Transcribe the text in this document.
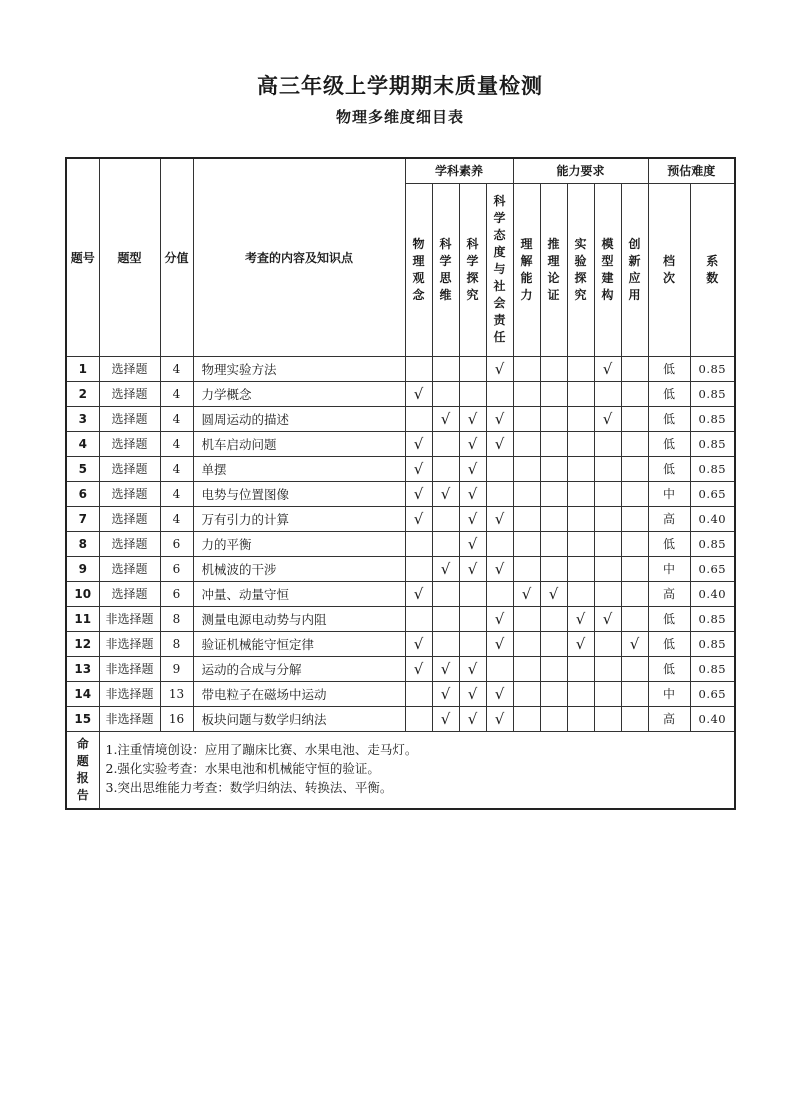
高三年级上学期期末质量检测
物理多维度细目表
题号	题型	分值	考查的内容及知识点	学科素养				能力要求					预估难度	
				物理观念	科学思维	科学探究	科学态度与社会责任	理解能力	推理论证	实验探究	模型建构	创新应用	档次	系数
1	选择题	4	物理实验方法				√				√		低	0.85
2	选择题	4	力学概念	√									低	0.85
3	选择题	4	圆周运动的描述		√	√	√				√		低	0.85
4	选择题	4	机车启动问题	√		√	√						低	0.85
5	选择题	4	单摆	√		√							低	0.85
6	选择题	4	电势与位置图像	√	√	√							中	0.65
7	选择题	4	万有引力的计算	√		√	√						高	0.40
8	选择题	6	力的平衡			√							低	0.85
9	选择题	6	机械波的干涉		√	√	√						中	0.65
10	选择题	6	冲量、动量守恒	√				√	√				高	0.40
11	非选择题	8	测量电源电动势与内阻				√			√	√		低	0.85
12	非选择题	8	验证机械能守恒定律	√			√			√		√	低	0.85
13	非选择题	9	运动的合成与分解	√	√	√							低	0.85
14	非选择题	13	带电粒子在磁场中运动		√	√	√						中	0.65
15	非选择题	16	板块问题与数学归纳法		√	√	√						高	0.40
命题报告	1.注重情境创设：应用了蹦床比赛、水果电池、走马灯。
2.强化实验考查：水果电池和机械能守恒的验证。
3.突出思维能力考查：数学归纳法、转换法、平衡。													
